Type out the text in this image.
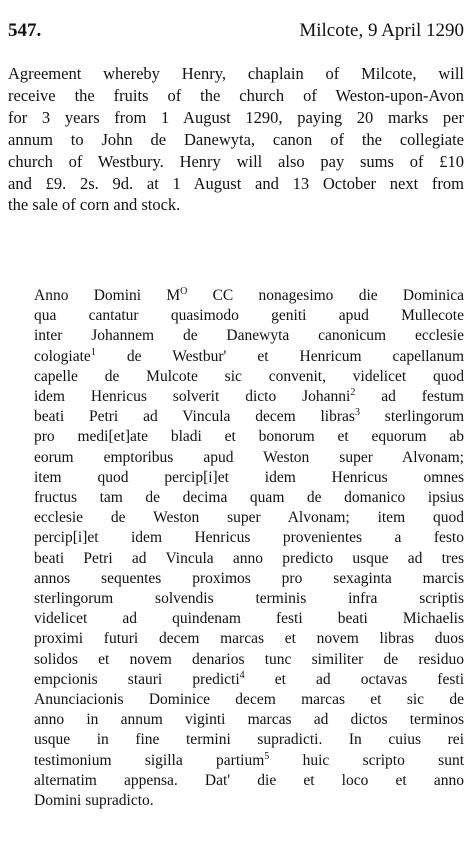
547.	Milcote, 9 April 1290
Agreement whereby Henry, chaplain of Milcote, will
receive the fruits of the church of Weston-upon-Avon
for 3 years from 1 August 1290, paying 20 marks per
annum to John de Danewyta, canon of the collegiate
church of Westbury. Henry will also pay sums of £10
and £9. 2s. 9d. at 1 August and 13 October next from
the sale of corn and stock.
Anno Domini $M^O$ CC nonagesimo die Dominica
qua cantatur quasimodo geniti apud Mullecote
inter Johannem de Danewyta canonicum ecclesie
cologiate$^1$ de Westbur' et Henricum capellanum
capelle de Mulcote sic convenit, videlicet quod
idem Henricus solverit dicto Johanni$^2$ ad festum
beati Petri ad Vincula decem libras$^3$ sterlingorum
pro medi[et]ate bladi et bonorum et equorum ab
eorum emptoribus apud Weston super Alvonam;
item quod percip[i]et idem Henricus omnes
fructus tam de decima quam de domanico ipsius
ecclesie de Weston super Alvonam; item quod
percip[i]et idem Henricus provenientes a festo
beati Petri ad Vincula anno predicto usque ad tres
annos sequentes proximos pro sexaginta marcis
sterlingorum solvendis terminis infra scriptis
videlicet ad quindenam festi beati Michaelis
proximi futuri decem marcas et novem libras duos
solidos et novem denarios tunc similiter de residuo
empcionis stauri predicti$^4$ et ad octavas festi
Anunciacionis Dominice decem marcas et sic de
anno in annum viginti marcas ad dictos terminos
usque in fine termini supradicti. In cuius rei
testimonium sigilla partium$^5$ huic scripto sunt
alternatim appensa. Dat' die et loco et anno
Domini supradicto.
